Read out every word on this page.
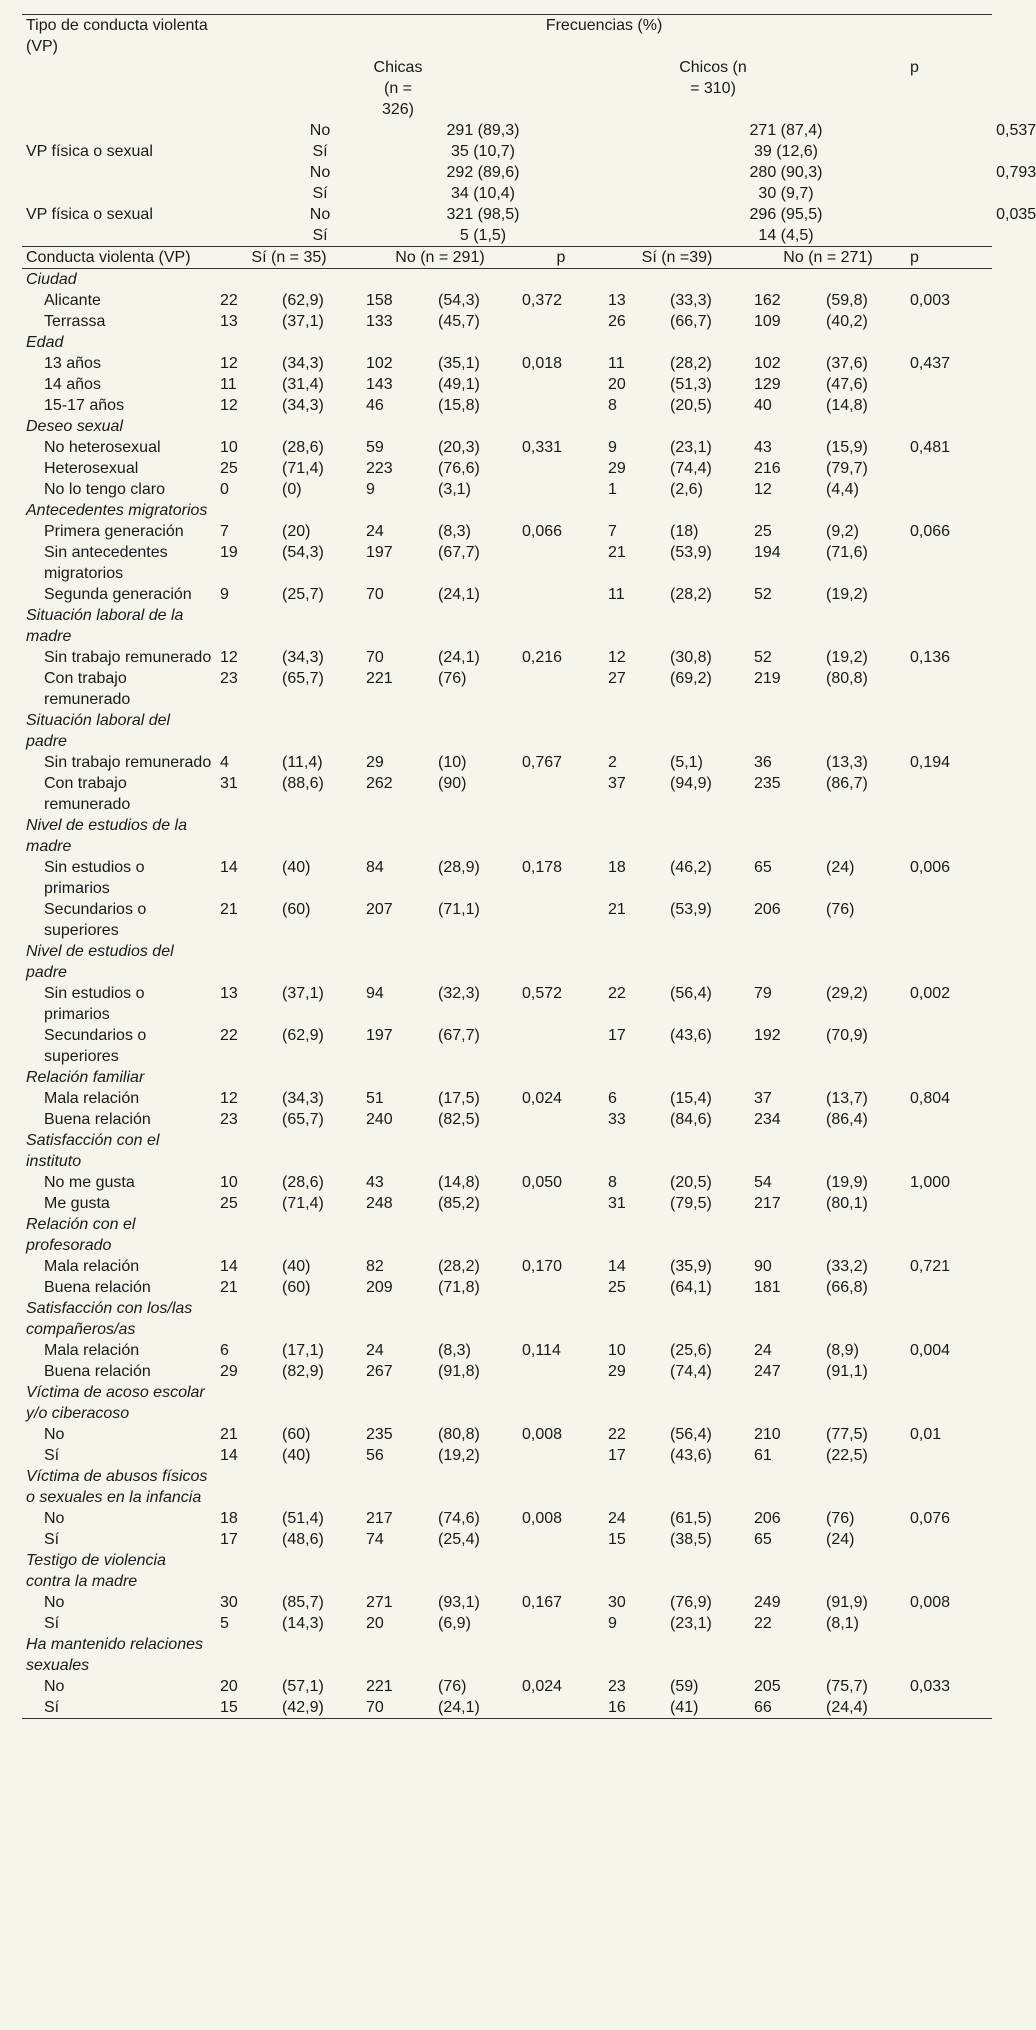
Tipo de conducta violenta (VP)	Frecuencias (%)										
		Chicas (n = 326)				Chicos (n = 310)				p	
		No	291 (89,3)				271 (87,4)				0,537
VP física o sexual		Sí	35 (10,7)				39 (12,6)				
		No	292 (89,6)				280 (90,3)				0,793
		Sí	34 (10,4)				30 (9,7)				
VP física o sexual		No	321 (98,5)				296 (95,5)				0,035
		Sí	5 (1,5)				14 (4,5)				
Conducta violenta (VP)	Sí (n = 35)		No (n = 291)		p	Sí (n =39)		No (n = 271)		p	
Ciudad											
Alicante	22	(62,9)	158	(54,3)	0,372	13	(33,3)	162	(59,8)	0,003	
Terrassa	13	(37,1)	133	(45,7)		26	(66,7)	109	(40,2)		
Edad											
13 años	12	(34,3)	102	(35,1)	0,018	11	(28,2)	102	(37,6)	0,437	
14 años	11	(31,4)	143	(49,1)		20	(51,3)	129	(47,6)		
15-17 años	12	(34,3)	46	(15,8)		8	(20,5)	40	(14,8)		
Deseo sexual											
No heterosexual	10	(28,6)	59	(20,3)	0,331	9	(23,1)	43	(15,9)	0,481	
Heterosexual	25	(71,4)	223	(76,6)		29	(74,4)	216	(79,7)		
No lo tengo claro	0	(0)	9	(3,1)		1	(2,6)	12	(4,4)		
Antecedentes migratorios											
Primera generación	7	(20)	24	(8,3)	0,066	7	(18)	25	(9,2)	0,066	
Sin antecedentes migratorios	19	(54,3)	197	(67,7)		21	(53,9)	194	(71,6)		
Segunda generación	9	(25,7)	70	(24,1)		11	(28,2)	52	(19,2)		
Situación laboral de la madre											
Sin trabajo remunerado	12	(34,3)	70	(24,1)	0,216	12	(30,8)	52	(19,2)	0,136	
Con trabajo remunerado	23	(65,7)	221	(76)		27	(69,2)	219	(80,8)		
Situación laboral del padre											
Sin trabajo remunerado	4	(11,4)	29	(10)	0,767	2	(5,1)	36	(13,3)	0,194	
Con trabajo remunerado	31	(88,6)	262	(90)		37	(94,9)	235	(86,7)		
Nivel de estudios de la madre											
Sin estudios o primarios	14	(40)	84	(28,9)	0,178	18	(46,2)	65	(24)	0,006	
Secundarios o superiores	21	(60)	207	(71,1)		21	(53,9)	206	(76)		
Nivel de estudios del padre											
Sin estudios o primarios	13	(37,1)	94	(32,3)	0,572	22	(56,4)	79	(29,2)	0,002	
Secundarios o superiores	22	(62,9)	197	(67,7)		17	(43,6)	192	(70,9)		
Relación familiar											
Mala relación	12	(34,3)	51	(17,5)	0,024	6	(15,4)	37	(13,7)	0,804	
Buena relación	23	(65,7)	240	(82,5)		33	(84,6)	234	(86,4)		
Satisfacción con el instituto											
No me gusta	10	(28,6)	43	(14,8)	0,050	8	(20,5)	54	(19,9)	1,000	
Me gusta	25	(71,4)	248	(85,2)		31	(79,5)	217	(80,1)		
Relación con el profesorado											
Mala relación	14	(40)	82	(28,2)	0,170	14	(35,9)	90	(33,2)	0,721	
Buena relación	21	(60)	209	(71,8)		25	(64,1)	181	(66,8)		
Satisfacción con los/las compañeros/as											
Mala relación	6	(17,1)	24	(8,3)	0,114	10	(25,6)	24	(8,9)	0,004	
Buena relación	29	(82,9)	267	(91,8)		29	(74,4)	247	(91,1)		
Víctima de acoso escolar y/o ciberacoso											
No	21	(60)	235	(80,8)	0,008	22	(56,4)	210	(77,5)	0,01	
Sí	14	(40)	56	(19,2)		17	(43,6)	61	(22,5)		
Víctima de abusos físicos o sexuales en la infancia											
No	18	(51,4)	217	(74,6)	0,008	24	(61,5)	206	(76)	0,076	
Sí	17	(48,6)	74	(25,4)		15	(38,5)	65	(24)		
Testigo de violencia contra la madre											
No	30	(85,7)	271	(93,1)	0,167	30	(76,9)	249	(91,9)	0,008	
Sí	5	(14,3)	20	(6,9)		9	(23,1)	22	(8,1)		
Ha mantenido relaciones sexuales											
No	20	(57,1)	221	(76)	0,024	23	(59)	205	(75,7)	0,033	
Sí	15	(42,9)	70	(24,1)		16	(41)	66	(24,4)		
